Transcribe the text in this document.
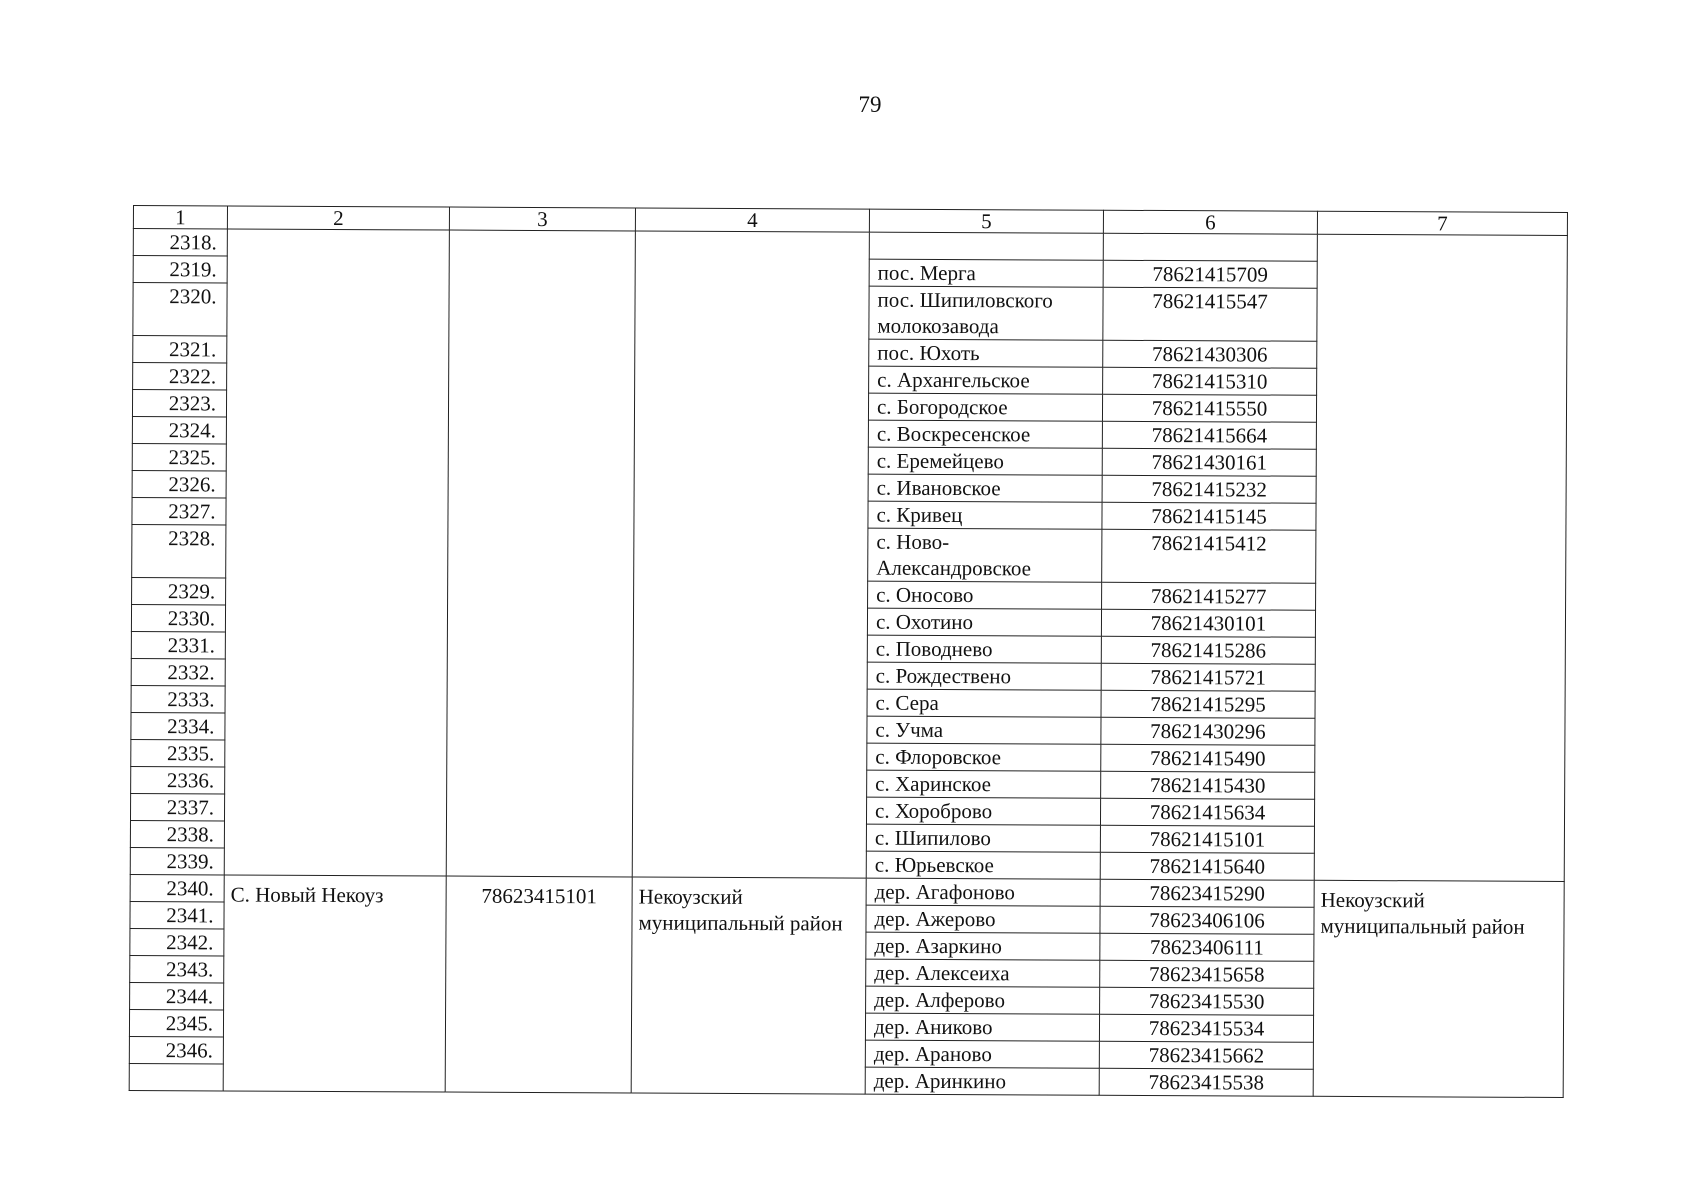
79
1	2	3	4	5	6	7
2318.						
2319.				пос. Мерга	78621415709	
2320.				пос. Шипиловского молокозавода	78621415547	
2321.				пос. Юхоть	78621430306	
2322.				с. Архангельское	78621415310	
2323.				с. Богородское	78621415550	
2324.				с. Воскресенское	78621415664	
2325.				с. Еремейцево	78621430161	
2326.				с. Ивановское	78621415232	
2327.				с. Кривец	78621415145	
2328.				с. Ново-Александровское	78621415412	
2329.				с. Оносово	78621415277	
2330.				с. Охотино	78621430101	
2331.				с. Поводнево	78621415286	
2332.				с. Рождествено	78621415721	
2333.				с. Сера	78621415295	
2334.				с. Учма	78621430296	
2335.				с. Флоровское	78621415490	
2336.				с. Харинское	78621415430	
2337.				с. Хороброво	78621415634	
2338.				с. Шипилово	78621415101	
2339.				с. Юрьевское	78621415640	
2340.	С. Новый Некоуз	78623415101	Некоузский муниципальный район	дер. Агафоново	78623415290	Некоузский муниципальный район
2341.				дер. Ажерово	78623406106	
2342.				дер. Азаркино	78623406111	
2343.				дер. Алексеиха	78623415658	
2344.				дер. Алферово	78623415530	
2345.				дер. Аниково	78623415534	
2346.				дер. Араново	78623415662	
				дер. Аринкино	78623415538	
